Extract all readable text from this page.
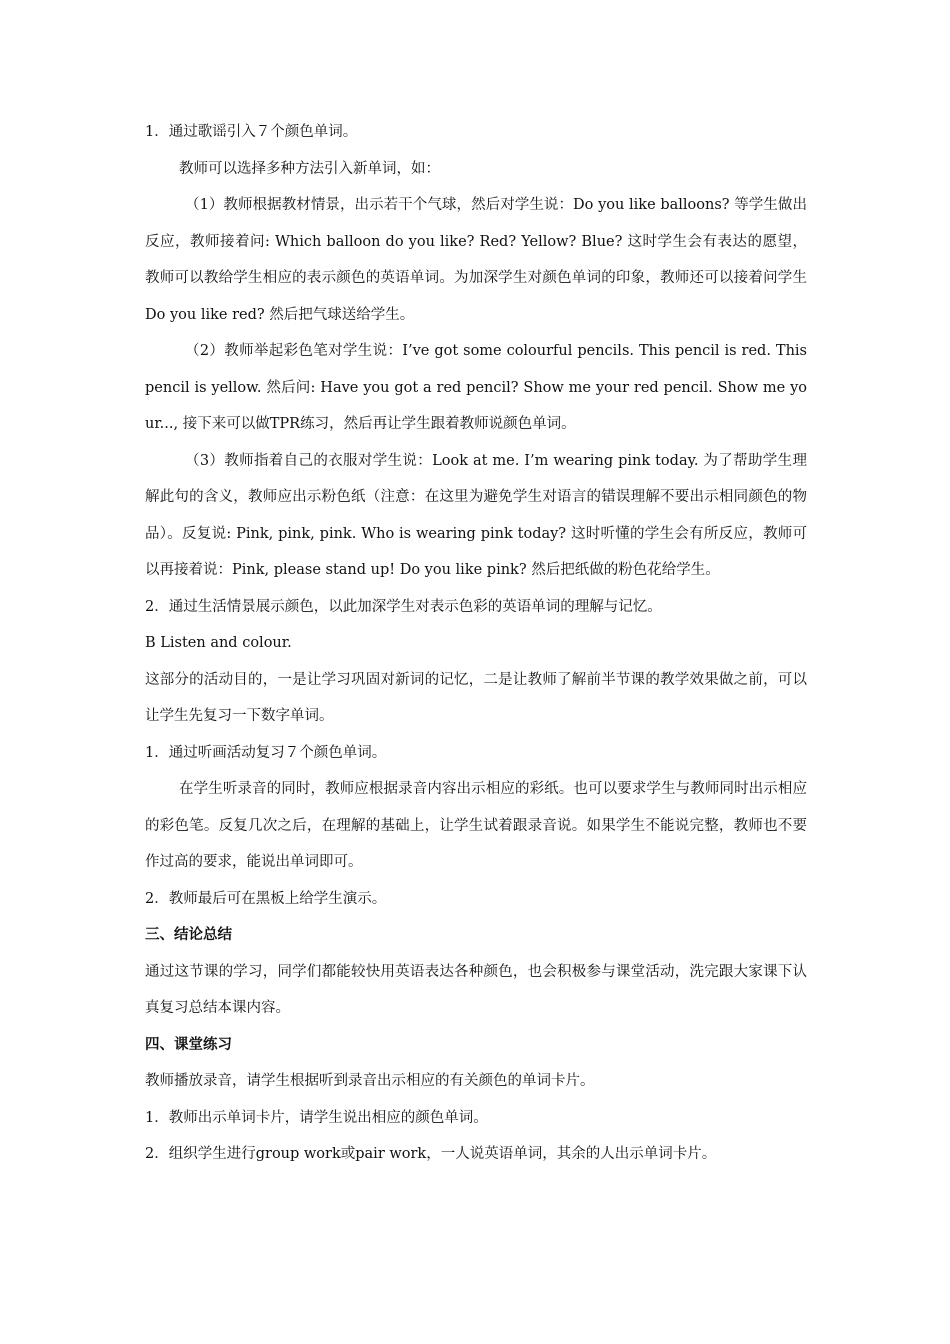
1．通过歌谣引入７个颜色单词。

教师可以选择多种方法引入新单词，如：

（1）教师根据教材情景，出示若干个气球，然后对学生说：Do you like balloons? 等学生做出反应，教师接着问: Which balloon do you like? Red? Yellow? Blue? 这时学生会有表达的愿望，教师可以教给学生相应的表示颜色的英语单词。为加深学生对颜色单词的印象，教师还可以接着问学生Do you like red? 然后把气球送给学生。

（2）教师举起彩色笔对学生说：I’ve got some colourful pencils. This pencil is red. This pencil is yellow. 然后问: Have you got a red pencil? Show me your red pencil. Show me your..., 接下来可以做TPR练习，然后再让学生跟着教师说颜色单词。

（3）教师指着自己的衣服对学生说：Look at me. I’m wearing pink today. 为了帮助学生理解此句的含义，教师应出示粉色纸（注意：在这里为避免学生对语言的错误理解不要出示相同颜色的物品）。反复说: Pink, pink, pink. Who is wearing pink today? 这时听懂的学生会有所反应，教师可以再接着说：Pink, please stand up! Do you like pink? 然后把纸做的粉色花给学生。

2．通过生活情景展示颜色，以此加深学生对表示色彩的英语单词的理解与记忆。

B Listen and colour.

这部分的活动目的，一是让学习巩固对新词的记忆，二是让教师了解前半节课的教学效果做之前，可以让学生先复习一下数字单词。

1．通过听画活动复习７个颜色单词。

在学生听录音的同时，教师应根据录音内容出示相应的彩纸。也可以要求学生与教师同时出示相应的彩色笔。反复几次之后，在理解的基础上，让学生试着跟录音说。如果学生不能说完整，教师也不要作过高的要求，能说出单词即可。

2．教师最后可在黑板上给学生演示。

三、结论总结

通过这节课的学习，同学们都能较快用英语表达各种颜色，也会积极参与课堂活动，洗完跟大家课下认真复习总结本课内容。

四、课堂练习

教师播放录音，请学生根据听到录音出示相应的有关颜色的单词卡片。

1．教师出示单词卡片，请学生说出相应的颜色单词。

2．组织学生进行group work或pair work，一人说英语单词，其余的人出示单词卡片。
